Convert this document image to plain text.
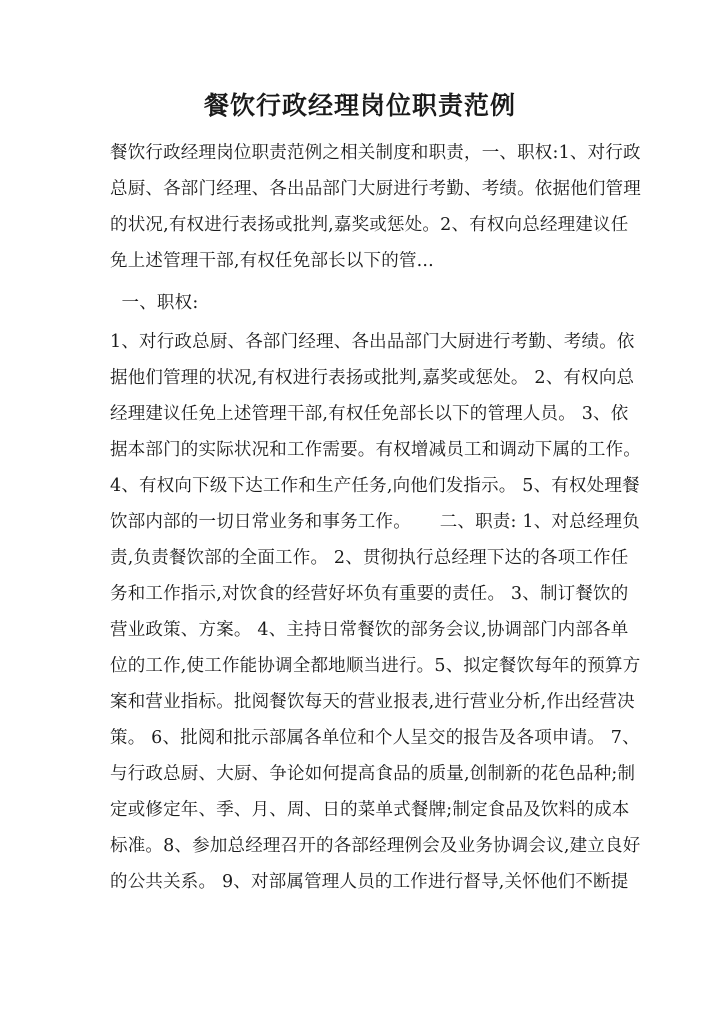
餐饮行政经理岗位职责范例
餐饮行政经理岗位职责范例之相关制度和职责，一、职权:1、对行政
总厨、各部门经理、各出品部门大厨进行考勤、考绩。依据他们管理
的状况,有权进行表扬或批判,嘉奖或惩处。2、有权向总经理建议任
免上述管理干部,有权任免部长以下的管...
一、职权:
1、对行政总厨、各部门经理、各出品部门大厨进行考勤、考绩。依
据他们管理的状况,有权进行表扬或批判,嘉奖或惩处。 2、有权向总
经理建议任免上述管理干部,有权任免部长以下的管理人员。 3、依
据本部门的实际状况和工作需要。有权增减员工和调动下属的工作。
4、有权向下级下达工作和生产任务,向他们发指示。 5、有权处理餐
饮部内部的一切日常业务和事务工作。     二、职责: 1、对总经理负
责,负责餐饮部的全面工作。 2、贯彻执行总经理下达的各项工作任
务和工作指示,对饮食的经营好坏负有重要的责任。 3、制订餐饮的
营业政策、方案。 4、主持日常餐饮的部务会议,协调部门内部各单
位的工作,使工作能协调全都地顺当进行。5、拟定餐饮每年的预算方
案和营业指标。批阅餐饮每天的营业报表,进行营业分析,作出经营决
策。 6、批阅和批示部属各单位和个人呈交的报告及各项申请。 7、
与行政总厨、大厨、争论如何提高食品的质量,创制新的花色品种;制
定或修定年、季、月、周、日的菜单式餐牌;制定食品及饮料的成本
标准。8、参加总经理召开的各部经理例会及业务协调会议,建立良好
的公共关系。 9、对部属管理人员的工作进行督导,关怀他们不断提
